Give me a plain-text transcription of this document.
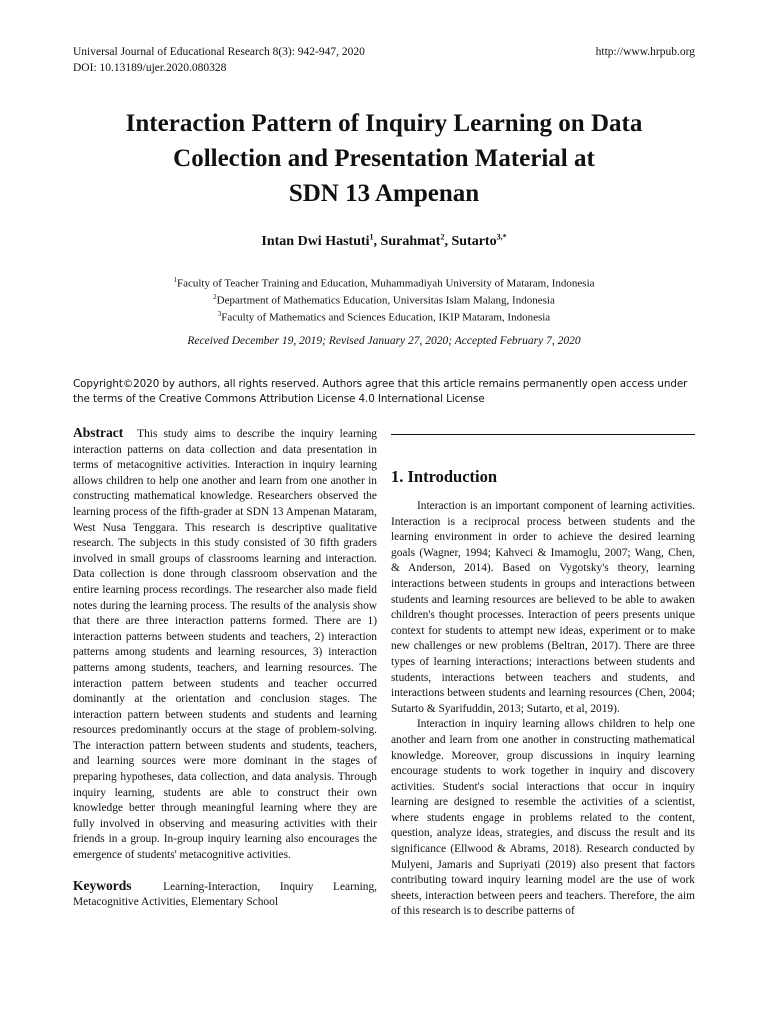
Universal Journal of Educational Research 8(3): 942-947, 2020
DOI: 10.13189/ujer.2020.080328
http://www.hrpub.org
Interaction Pattern of Inquiry Learning on Data
Collection and Presentation Material at
SDN 13 Ampenan
Intan Dwi Hastuti$^1$, Surahmat$^2$, Sutarto$^{3,*}$
$^1$Faculty of Teacher Training and Education, Muhammadiyah University of Mataram, Indonesia
$^2$Department of Mathematics Education, Universitas Islam Malang, Indonesia
$^3$Faculty of Mathematics and Sciences Education, IKIP Mataram, Indonesia
Received December 19, 2019; Revised January 27, 2020; Accepted February 7, 2020
Copyright©2020 by authors, all rights reserved. Authors agree that this article remains permanently open access under the terms of the Creative Commons Attribution License 4.0 International License
Abstract This study aims to describe the inquiry learning interaction patterns on data collection and data presentation in terms of metacognitive activities. Interaction in inquiry learning allows children to help one another and learn from one another in constructing mathematical knowledge. Researchers observed the learning process of the fifth-grader at SDN 13 Ampenan Mataram, West Nusa Tenggara. This research is descriptive qualitative research. The subjects in this study consisted of 30 fifth graders involved in small groups of classrooms learning and interaction. Data collection is done through classroom observation and the entire learning process recordings. The researcher also made field notes during the learning process. The results of the analysis show that there are three interaction patterns formed. There are 1) interaction patterns between students and teachers, 2) interaction patterns among students and learning resources, 3) interaction patterns among students, teachers, and learning resources. The interaction pattern between students and teacher occurred dominantly at the orientation and conclusion stages. The interaction pattern between students and students and learning resources predominantly occurs at the stage of problem-solving. The interaction pattern between students and students, teachers, and learning sources were more dominant in the stages of preparing hypotheses, data collection, and data analysis. Through inquiry learning, students are able to construct their own knowledge better through meaningful learning where they are fully involved in observing and measuring activities with their friends in a group. In-group inquiry learning also encourages the emergence of students' metacognitive activities.
Keywords	Learning-Interaction, Inquiry Learning, Metacognitive Activities, Elementary School
1. Introduction

Interaction is an important component of learning activities. Interaction is a reciprocal process between students and the learning environment in order to achieve the desired learning goals (Wagner, 1994; Kahveci & Imamoglu, 2007; Wang, Chen, & Anderson, 2014). Based on Vygotsky's theory, learning interactions between students in groups and interactions between students and learning resources are believed to be able to awaken children's thought processes. Interaction of peers presents unique context for students to attempt new ideas, experiment or to make new challenges or new problems (Beltran, 2017). There are three types of learning interactions; interactions between students and students, interactions between teachers and students, and interactions between students and learning resources (Chen, 2004; Sutarto & Syarifuddin, 2013; Sutarto, et al, 2019).

Interaction in inquiry learning allows children to help one another and learn from one another in constructing mathematical knowledge. Moreover, group discussions in inquiry learning encourage students to work together in inquiry and discovery activities. Student's social interactions that occur in inquiry learning are designed to resemble the activities of a scientist, where students engage in problems related to the content, question, analyze ideas, strategies, and discuss the result and its significance (Ellwood & Abrams, 2018). Research conducted by Mulyeni, Jamaris and Supriyati (2019) also present that factors contributing toward inquiry learning model are the use of work sheets, interaction between peers and teachers. Therefore, the aim of this research is to describe patterns of
